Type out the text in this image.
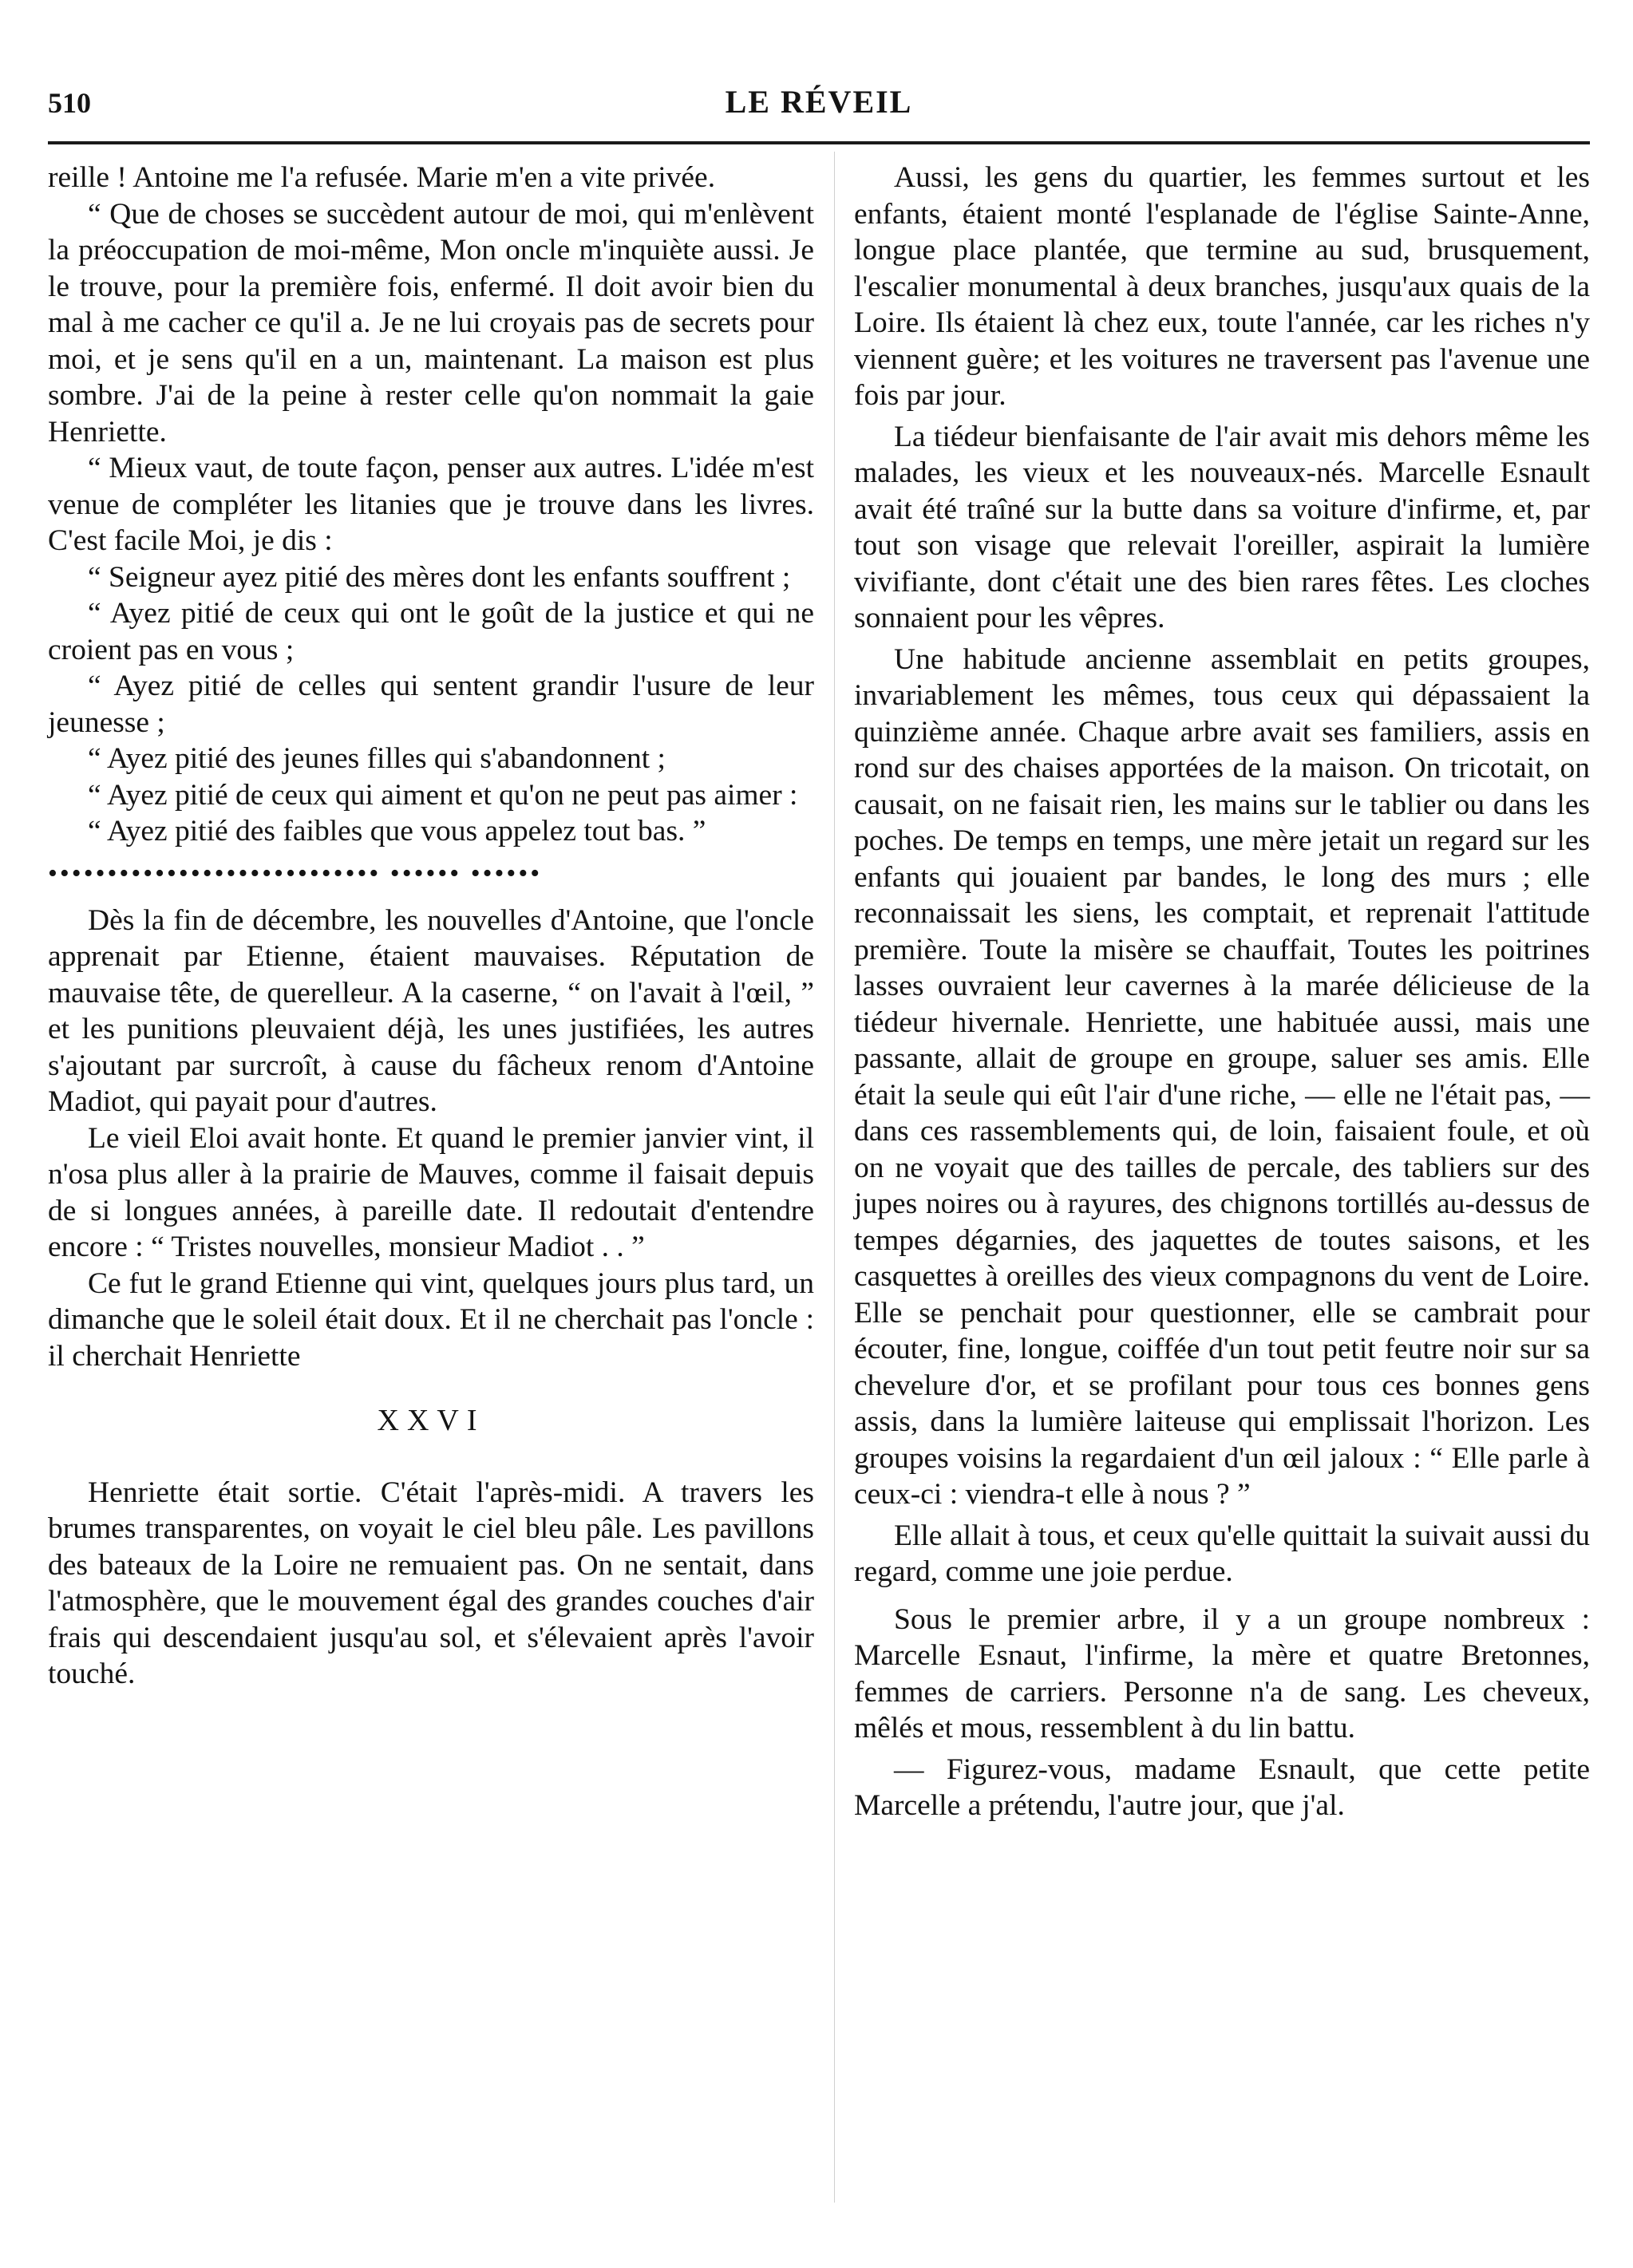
510	LE RÉVEIL

reille ! Antoine me l'a refusée. Marie m'en a vite privée.

“ Que de choses se succèdent autour de moi, qui m'enlèvent la préoccupation de moi-même, Mon oncle m'inquiète aussi. Je le trouve, pour la première fois, enfermé. Il doit avoir bien du mal à me cacher ce qu'il a. Je ne lui croyais pas de secrets pour moi, et je sens qu'il en a un, maintenant. La maison est plus sombre. J'ai de la peine à rester celle qu'on nommait la gaie Henriette.

“ Mieux vaut, de toute façon, penser aux autres. L'idée m'est venue de compléter les litanies que je trouve dans les livres. C'est facile Moi, je dis :

“ Seigneur ayez pitié des mères dont les enfants souffrent ;

“ Ayez pitié de ceux qui ont le goût de la justice et qui ne croient pas en vous ;

“ Ayez pitié de celles qui sentent grandir l'usure de leur jeunesse ;

“ Ayez pitié des jeunes filles qui s'abandonnent ;

“ Ayez pitié de ceux qui aiment et qu'on ne peut pas aimer :

“ Ayez pitié des faibles que vous appelez tout bas. ”

•••••••••••••••••••••••••••• •••••• ••••••

Dès la fin de décembre, les nouvelles d'Antoine, que l'oncle apprenait par Etienne, étaient mauvaises. Réputation de mauvaise tête, de querelleur. A la caserne, “ on l'avait à l'œil, ” et les punitions pleuvaient déjà, les unes justifiées, les autres s'ajoutant par surcroît, à cause du fâcheux renom d'Antoine Madiot, qui payait pour d'autres.

Le vieil Eloi avait honte. Et quand le premier janvier vint, il n'osa plus aller à la prairie de Mauves, comme il faisait depuis de si longues années, à pareille date. Il redoutait d'entendre encore : “ Tristes nouvelles, monsieur Madiot . . ”

Ce fut le grand Etienne qui vint, quelques jours plus tard, un dimanche que le soleil était doux. Et il ne cherchait pas l'oncle : il cherchait Henriette

XXVI

Henriette était sortie. C'était l'après-midi. A travers les brumes transparentes, on voyait le ciel bleu pâle. Les pavillons des bateaux de la Loire ne remuaient pas. On ne sentait, dans l'atmosphère, que le mouvement égal des grandes couches d'air frais qui descendaient jusqu'au sol, et s'élevaient après l'avoir touché.

Aussi, les gens du quartier, les femmes surtout et les enfants, étaient monté l'esplanade de l'église Sainte-Anne, longue place plantée, que termine au sud, brusquement, l'escalier monumental à deux branches, jusqu'aux quais de la Loire. Ils étaient là chez eux, toute l'année, car les riches n'y viennent guère; et les voitures ne traversent pas l'avenue une fois par jour.

La tiédeur bienfaisante de l'air avait mis dehors même les malades, les vieux et les nouveaux-nés. Marcelle Esnault avait été traîné sur la butte dans sa voiture d'infirme, et, par tout son visage que relevait l'oreiller, aspirait la lumière vivifiante, dont c'était une des bien rares fêtes. Les cloches sonnaient pour les vêpres.

Une habitude ancienne assemblait en petits groupes, invariablement les mêmes, tous ceux qui dépassaient la quinzième année. Chaque arbre avait ses familiers, assis en rond sur des chaises apportées de la maison. On tricotait, on causait, on ne faisait rien, les mains sur le tablier ou dans les poches. De temps en temps, une mère jetait un regard sur les enfants qui jouaient par bandes, le long des murs ; elle reconnaissait les siens, les comptait, et reprenait l'attitude première. Toute la misère se chauffait, Toutes les poitrines lasses ouvraient leur cavernes à la marée délicieuse de la tiédeur hivernale. Henriette, une habituée aussi, mais une passante, allait de groupe en groupe, saluer ses amis. Elle était la seule qui eût l'air d'une riche, — elle ne l'était pas, — dans ces rassemblements qui, de loin, faisaient foule, et où on ne voyait que des tailles de percale, des tabliers sur des jupes noires ou à rayures, des chignons tortillés au-dessus de tempes dégarnies, des jaquettes de toutes saisons, et les casquettes à oreilles des vieux compagnons du vent de Loire. Elle se penchait pour questionner, elle se cambrait pour écouter, fine, longue, coiffée d'un tout petit feutre noir sur sa chevelure d'or, et se profilant pour tous ces bonnes gens assis, dans la lumière laiteuse qui emplissait l'horizon. Les groupes voisins la regardaient d'un œil jaloux : “ Elle parle à ceux-ci : viendra-t elle à nous ? ”

Elle allait à tous, et ceux qu'elle quittait la suivait aussi du regard, comme une joie perdue.

Sous le premier arbre, il y a un groupe nombreux : Marcelle Esnaut, l'infirme, la mère et quatre Bretonnes, femmes de carriers. Personne n'a de sang. Les cheveux, mêlés et mous, ressemblent à du lin battu.

— Figurez-vous, madame Esnault, que cette petite Marcelle a prétendu, l'autre jour, que j'al.
